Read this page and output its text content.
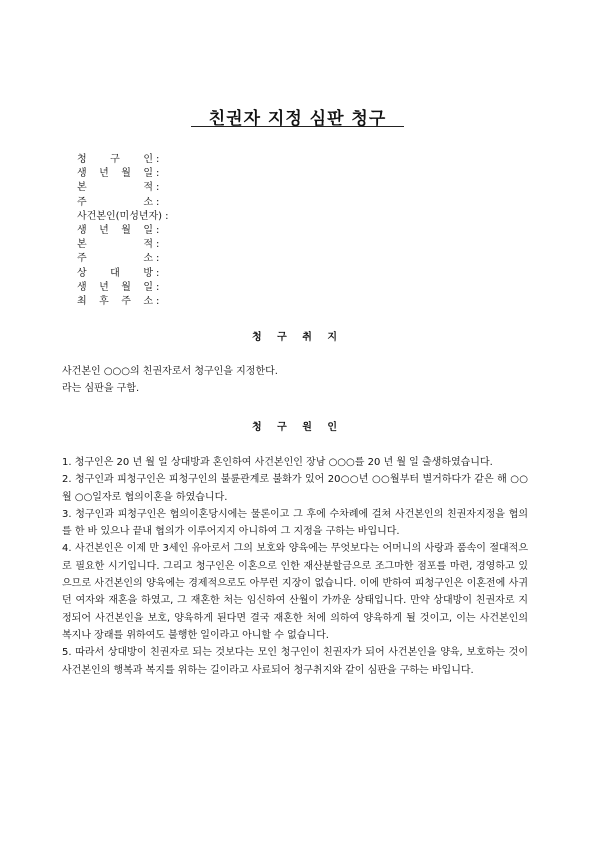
친권자 지정 심판 청구
청 구 인 :
생 년 월 일 :
본 적 :
주 소 :
사건본인(미성년자) :
생 년 월 일 :
본 적 :
주 소 :
상 대 방 :
생 년 월 일 :
최 후 주 소 :
청 구 취 지
사건본인 ○○○의 친권자로서 청구인을 지정한다.
라는 심판을 구함.
청 구 원 인

1. 청구인은 20 년 월 일 상대방과 혼인하여 사건본인인 장남 ○○○를 20 년 월 일 출생하였습니다.

2. 청구인과 피청구인은 피청구인의 불륜관계로 불화가 있어 20○○년 ○○월부터 별거하다가 같은 해 ○○월 ○○일자로 협의이혼을 하였습니다.

3. 청구인과 피청구인은 협의이혼당시에는 물론이고 그 후에 수차례에 걸쳐 사건본인의 친권자지정을 협의를 한 바 있으나 끝내 협의가 이루어지지 아니하여 그 지정을 구하는 바입니다.

4. 사건본인은 이제 만 3세인 유아로서 그의 보호와 양육에는 무엇보다는 어머니의 사랑과 품속이 절대적으로 필요한 시기입니다. 그리고 청구인은 이혼으로 인한 재산분할금으로 조그마한 점포를 마련, 경영하고 있으므로 사건본인의 양육에는 경제적으로도 아무런 지장이 없습니다. 이에 반하여 피청구인은 이혼전에 사귀던 여자와 재혼을 하였고, 그 재혼한 처는 임신하여 산월이 가까운 상태입니다. 만약 상대방이 친권자로 지정되어 사건본인을 보호, 양육하게 된다면 결국 재혼한 처에 의하여 양육하게 될 것이고, 이는 사건본인의 복지나 장래를 위하여도 불행한 일이라고 아니할 수 없습니다.

5. 따라서 상대방이 친권자로 되는 것보다는 모인 청구인이 친권자가 되어 사건본인을 양육, 보호하는 것이 사건본인의 행복과 복지를 위하는 길이라고 사료되어 청구취지와 같이 심판을 구하는 바입니다.
